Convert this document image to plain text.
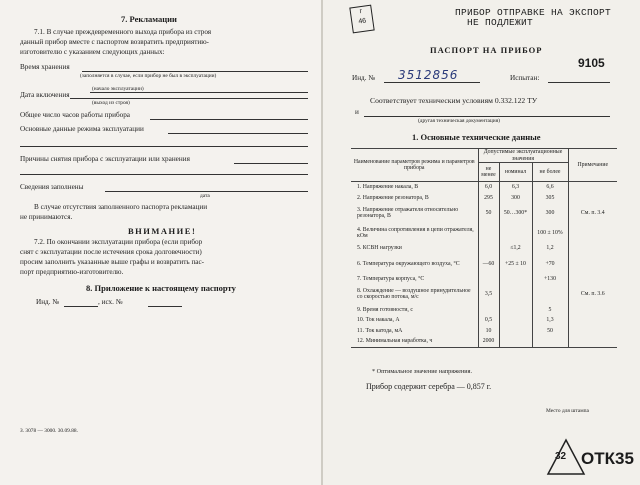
7. Рекламации
7.1. В случае преждевременного выхода прибора из строя
данный прибор вместе с паспортом возвратить предприятию-
изготовителю с указанием следующих данных:
Время хранения
(заполняется в случае, если прибор не был в эксплуатации)
Дата включения
(начало эксплуатации)
(выход из строя)
Общее число часов работы прибора
Основные данные режима эксплуатации
Причины снятия прибора с эксплуатации или хранения
Сведения заполнены
дата
В случае отсутствия заполненного паспорта рекламации
не принимаются.
ВНИМАНИЕ!
7.2. По окончании эксплуатации прибора (если прибор
снят с эксплуатации после истечения срока долговечности)
просим заполнить указанные выше графы и возвратить пас-
порт предприятию-изготовителю.
8. Приложение к настоящему паспорту
Инд. №	, исх. №
З. 3078 — 3000. 30.09.88.
г
46
ПРИБОР ОТПРАВКЕ НА ЭКСПОРТ
НЕ ПОДЛЕЖИТ
ПАСПОРТ НА ПРИБОР
9105
Инд. № 3512856	Испытан:
Соответствует техническим условиям 0.332.122 ТУ
и
(другая техническая документация)
1. Основные технические данные
Наименование параметров режима и параметров прибора	Допустимые эксплуатационные значения			Примечание
	не менее	номинал	не более	
1. Напряжение накала, В	6,0	6,3	6,6	
2. Напряжение резонатора, В	295	300	305	
3. Напряжение отражателя относительно резонатора, В	50	50…300*	300	См. п. 3.4
4. Величина сопротивления в цепи отражателя, кОм			100 ± 10%	
5. КСВН нагрузки		≤1,2	1,2	
6. Температура окружающего воздуха, °С	—60	+25 ± 10	+70	
7. Температура корпуса, °С			+130	
8. Охлаждение — воздушное принудительное со скоростью потока, м/с	3,5			См. п. 3.6
9. Время готовности, с			5	
10. Ток накала, А	0,5		1,3	
11. Ток катода, мА	10		50	
12. Минимальная наработка, ч	2000			
* Оптимальное значение напряжения.
Прибор содержит серебра — 0,857 г.
Место для штампа
32 ОТК35
